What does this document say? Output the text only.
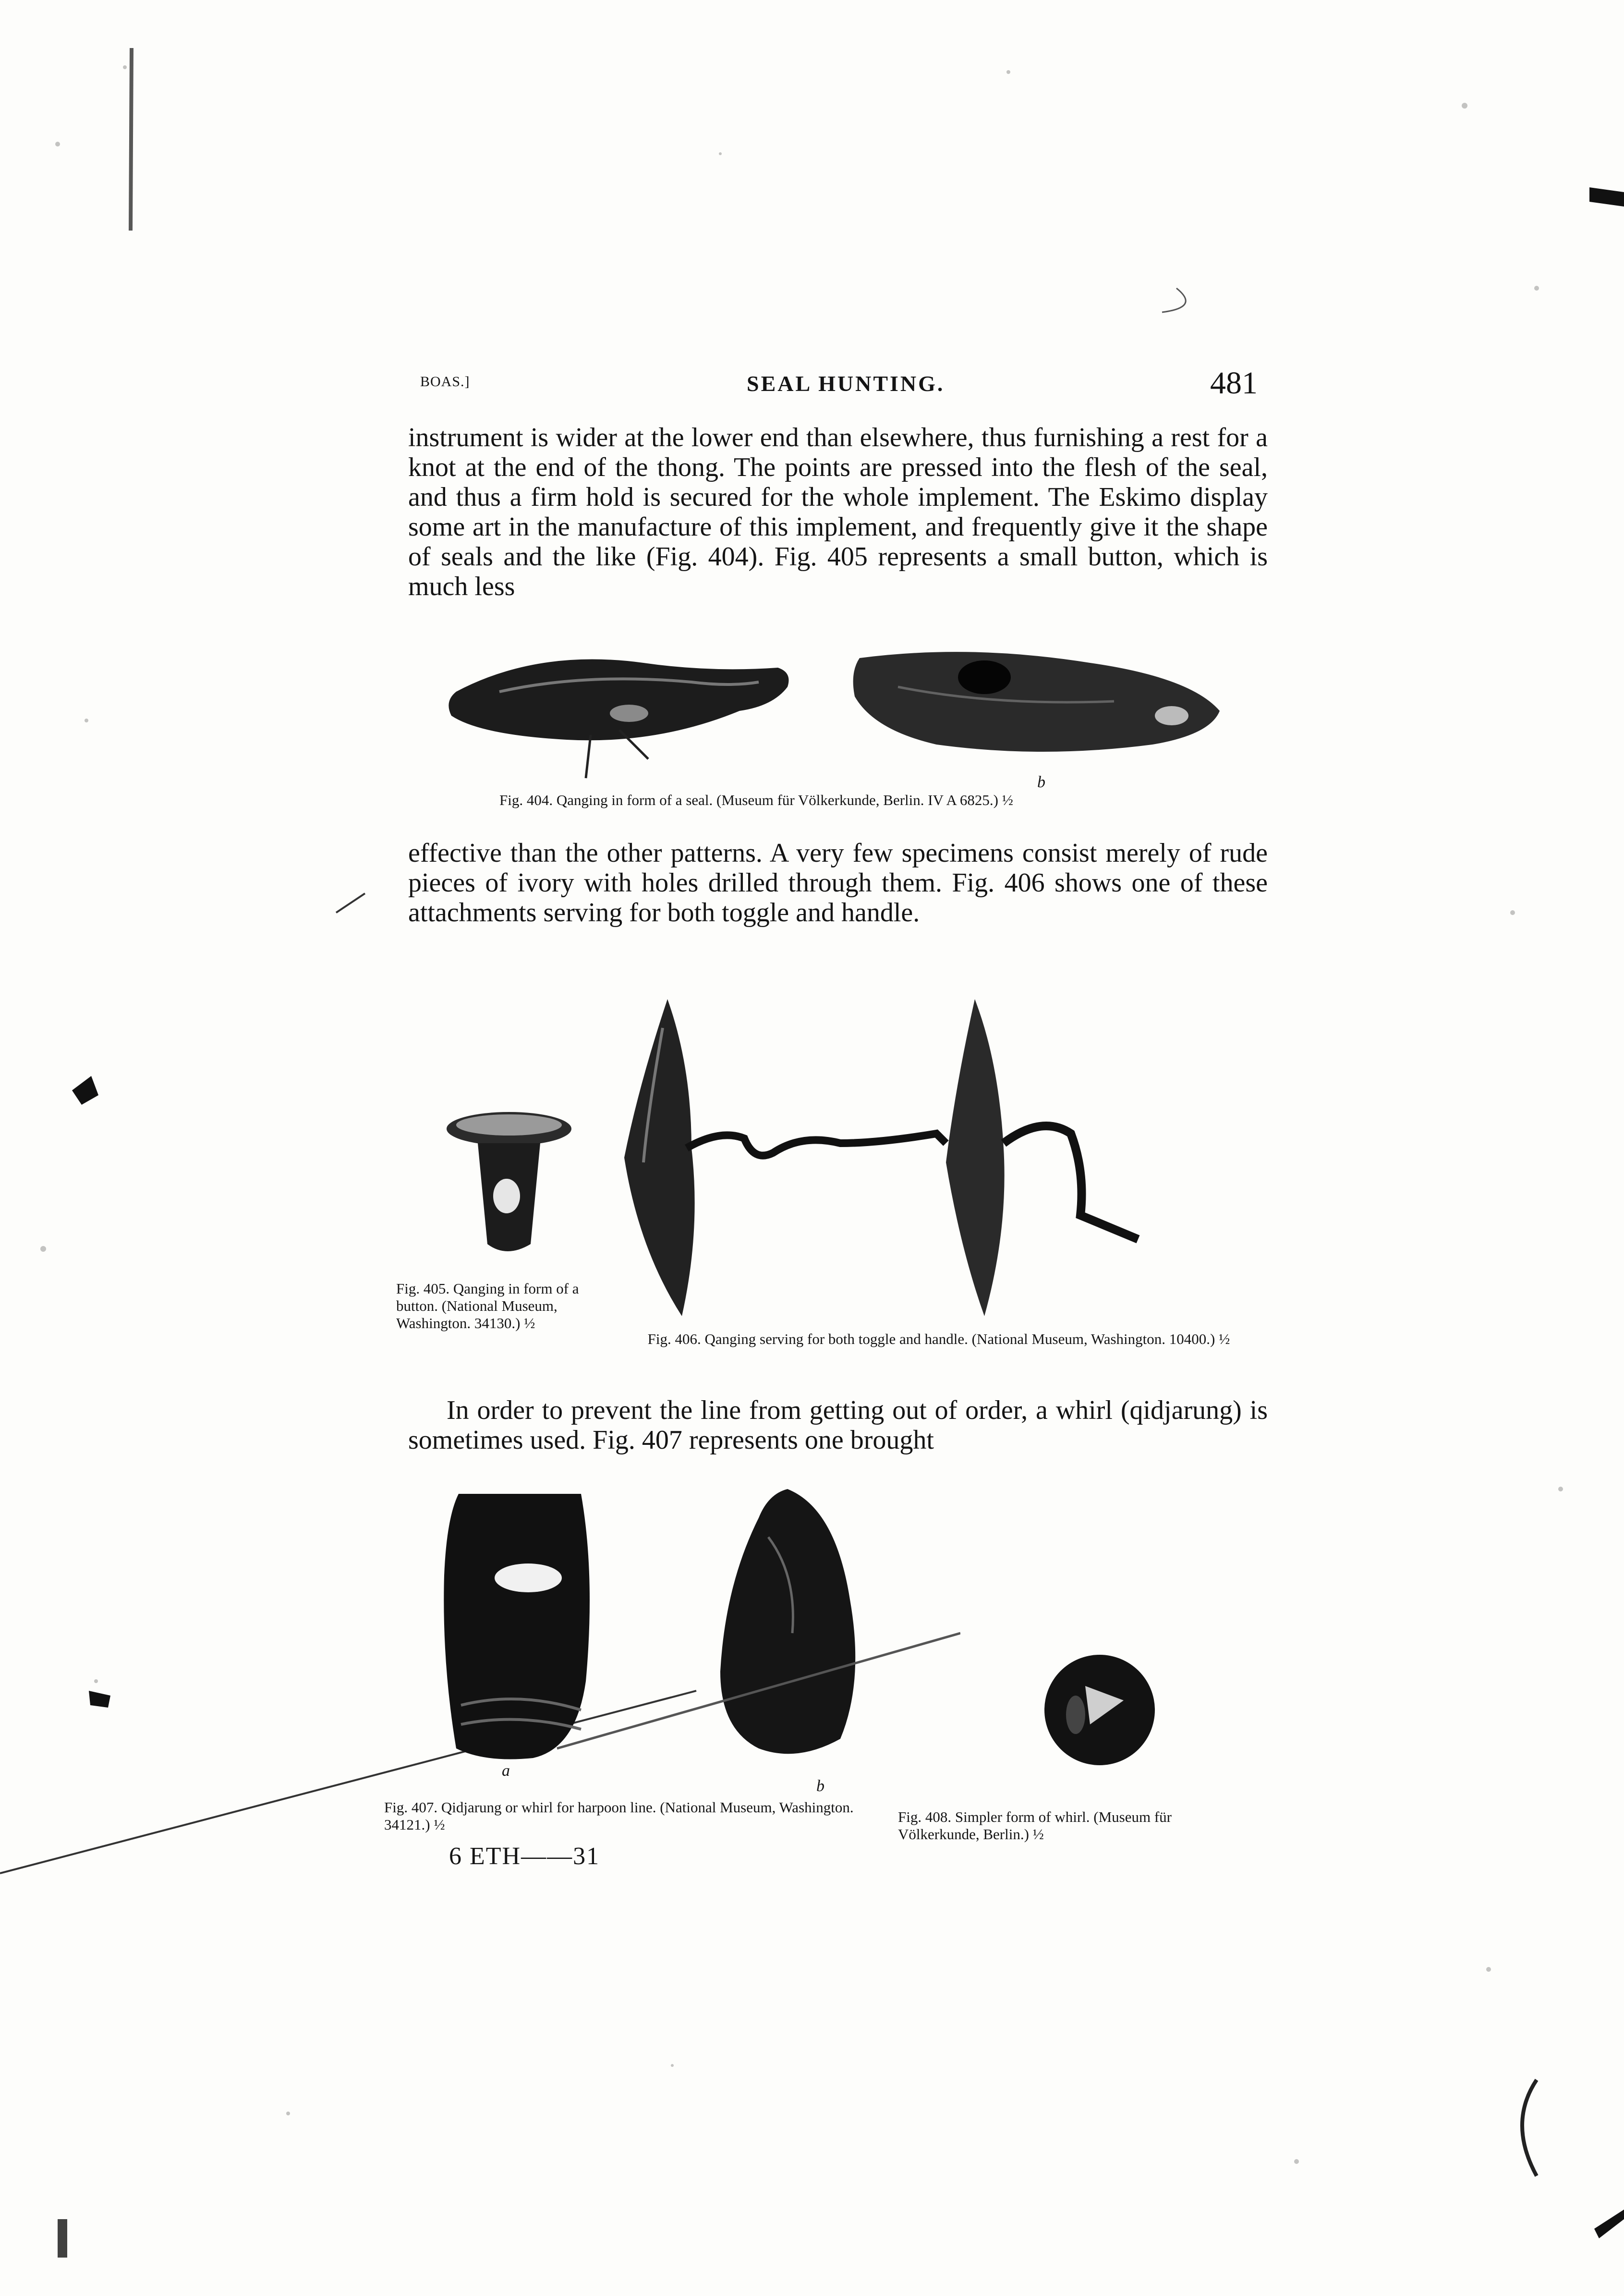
BOAS.]	SEAL HUNTING.	481
instrument is wider at the lower end than elsewhere, thus furnishing a rest for a knot at the end of the thong. The points are pressed into the flesh of the seal, and thus a firm hold is secured for the whole implement. The Eskimo display some art in the manufacture of this implement, and frequently give it the shape of seals and the like (Fig. 404). Fig. 405 represents a small button, which is much less
b
Fig. 404. Qanging in form of a seal. (Museum für Völkerkunde, Berlin. IV A 6825.) ½
effective than the other patterns. A very few specimens consist merely of rude pieces of ivory with holes drilled through them. Fig. 406 shows one of these attachments serving for both toggle and handle.
Fig. 405. Qanging in form of a button. (National Museum, Washington. 34130.) ½
Fig. 406. Qanging serving for both toggle and handle. (National Museum, Washington. 10400.) ½
In order to prevent the line from getting out of order, a whirl (qidjarung) is sometimes used. Fig. 407 represents one brought
a
b
Fig. 407. Qidjarung or whirl for harpoon line. (National Museum, Washington. 34121.) ½	Fig. 408. Simpler form of whirl. (Museum für Völkerkunde, Berlin.) ½
6 ETH——31
